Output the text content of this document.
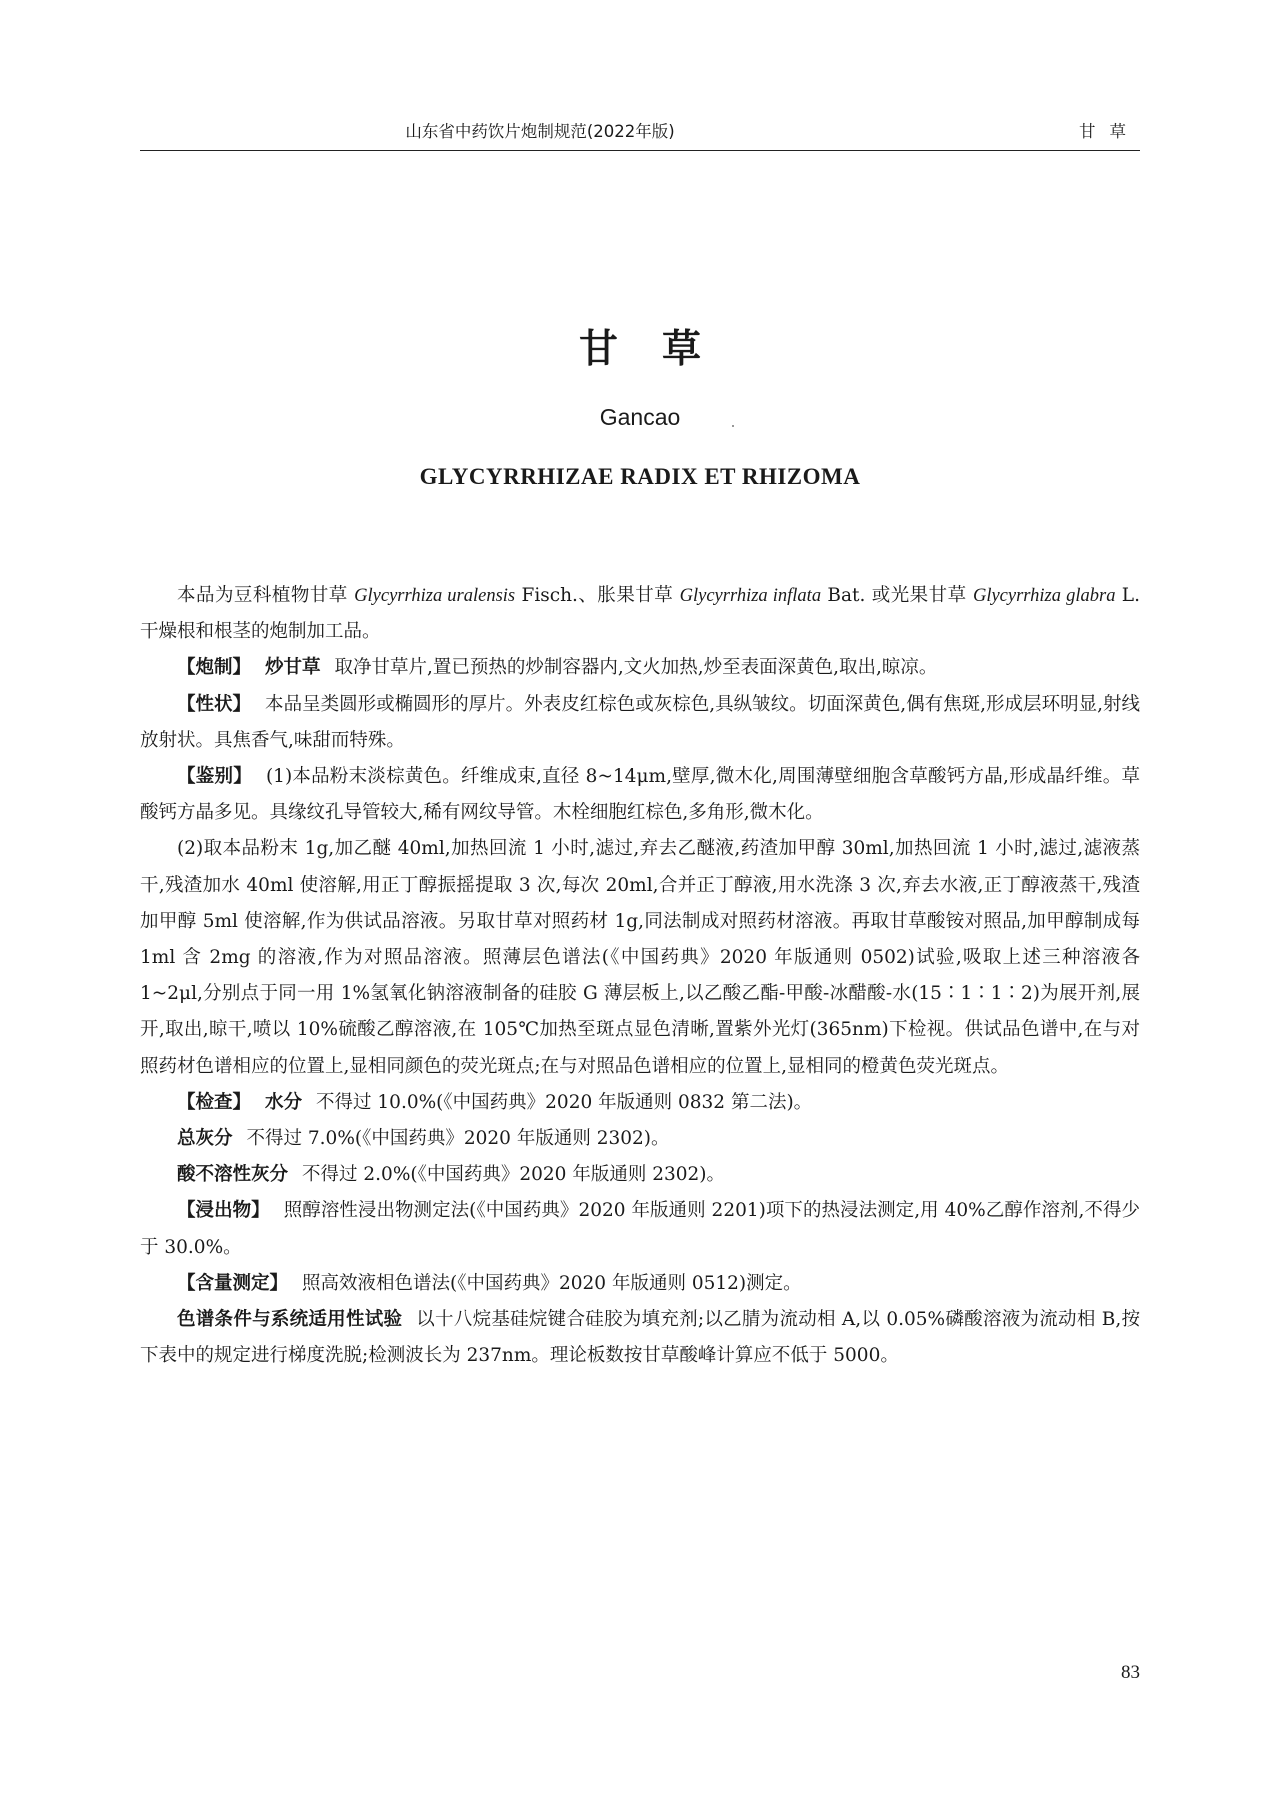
山东省中药饮片炮制规范(2022年版)	甘草
甘草
Gancao
GLYCYRRHIZAE RADIX ET RHIZOMA

本品为豆科植物甘草 Glycyrrhiza uralensis Fisch.、胀果甘草 Glycyrrhiza inflata Bat. 或光果甘草 Glycyrrhiza glabra L. 干燥根和根茎的炮制加工品。

【炮制】 炒甘草 取净甘草片,置已预热的炒制容器内,文火加热,炒至表面深黄色,取出,晾凉。

【性状】 本品呈类圆形或椭圆形的厚片。外表皮红棕色或灰棕色,具纵皱纹。切面深黄色,偶有焦斑,形成层环明显,射线放射状。具焦香气,味甜而特殊。

【鉴别】 (1)本品粉末淡棕黄色。纤维成束,直径 8~14μm,壁厚,微木化,周围薄壁细胞含草酸钙方晶,形成晶纤维。草酸钙方晶多见。具缘纹孔导管较大,稀有网纹导管。木栓细胞红棕色,多角形,微木化。

(2)取本品粉末 1g,加乙醚 40ml,加热回流 1 小时,滤过,弃去乙醚液,药渣加甲醇 30ml,加热回流 1 小时,滤过,滤液蒸干,残渣加水 40ml 使溶解,用正丁醇振摇提取 3 次,每次 20ml,合并正丁醇液,用水洗涤 3 次,弃去水液,正丁醇液蒸干,残渣加甲醇 5ml 使溶解,作为供试品溶液。另取甘草对照药材 1g,同法制成对照药材溶液。再取甘草酸铵对照品,加甲醇制成每 1ml 含 2mg 的溶液,作为对照品溶液。照薄层色谱法(《中国药典》2020 年版通则 0502)试验,吸取上述三种溶液各 1~2μl,分别点于同一用 1%氢氧化钠溶液制备的硅胶 G 薄层板上,以乙酸乙酯-甲酸-冰醋酸-水(15∶1∶1∶2)为展开剂,展开,取出,晾干,喷以 10%硫酸乙醇溶液,在 105℃加热至斑点显色清晰,置紫外光灯(365nm)下检视。供试品色谱中,在与对照药材色谱相应的位置上,显相同颜色的荧光斑点;在与对照品色谱相应的位置上,显相同的橙黄色荧光斑点。

【检查】 水分 不得过 10.0%(《中国药典》2020 年版通则 0832 第二法)。

总灰分 不得过 7.0%(《中国药典》2020 年版通则 2302)。

酸不溶性灰分 不得过 2.0%(《中国药典》2020 年版通则 2302)。

【浸出物】 照醇溶性浸出物测定法(《中国药典》2020 年版通则 2201)项下的热浸法测定,用 40%乙醇作溶剂,不得少于 30.0%。

【含量测定】 照高效液相色谱法(《中国药典》2020 年版通则 0512)测定。

色谱条件与系统适用性试验 以十八烷基硅烷键合硅胶为填充剂;以乙腈为流动相 A,以 0.05%磷酸溶液为流动相 B,按下表中的规定进行梯度洗脱;检测波长为 237nm。理论板数按甘草酸峰计算应不低于 5000。

83
